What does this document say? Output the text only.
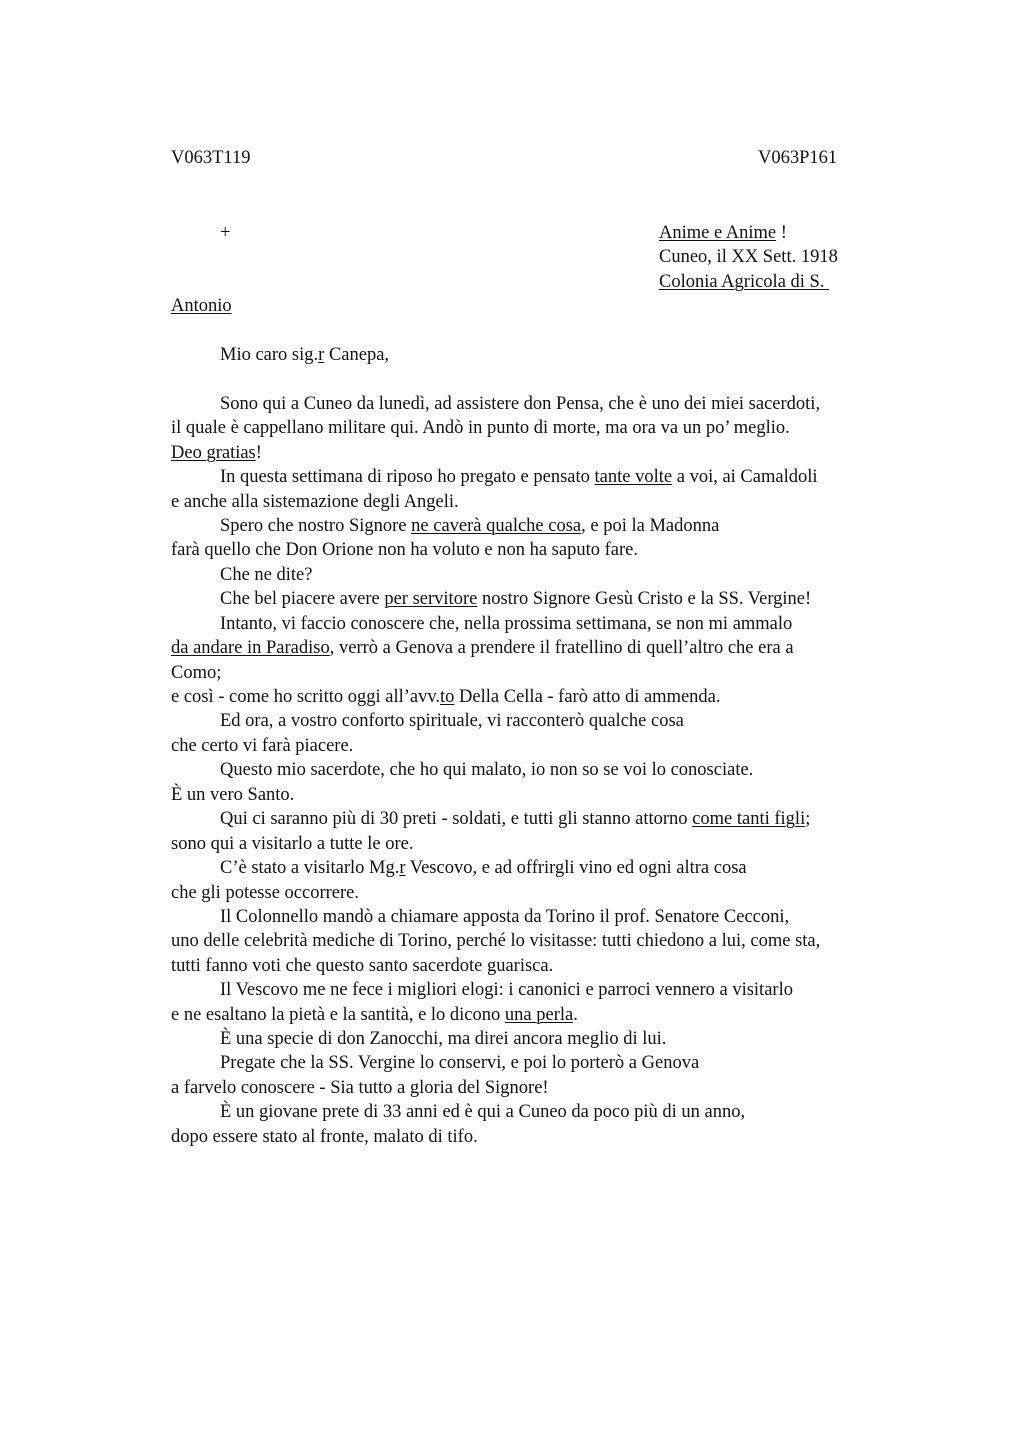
V063T119	V063P161
+	Anime e Anime !
Cuneo, il XX Sett. 1918
Colonia Agricola di S.
Antonio
Mio caro sig.r Canepa,
Sono qui a Cuneo da lunedì, ad assistere don Pensa, che è uno dei miei sacerdoti,
il quale è cappellano militare qui. Andò in punto di morte, ma ora va un po’ meglio.
Deo gratias!
In questa settimana di riposo ho pregato e pensato tante volte a voi, ai Camaldoli
e anche alla sistemazione degli Angeli.
Spero che nostro Signore ne caverà qualche cosa, e poi la Madonna
farà quello che Don Orione non ha voluto e non ha saputo fare.
Che ne dite?
Che bel piacere avere per servitore nostro Signore Gesù Cristo e la SS. Vergine!
Intanto, vi faccio conoscere che, nella prossima settimana, se non mi ammalo
da andare in Paradiso, verrò a Genova a prendere il fratellino di quell’altro che era a
Como;
e così - come ho scritto oggi all’avv.to Della Cella - farò atto di ammenda.
Ed ora, a vostro conforto spirituale, vi racconterò qualche cosa
che certo vi farà piacere.
Questo mio sacerdote, che ho qui malato, io non so se voi lo conosciate.
È un vero Santo.
Qui ci saranno più di 30 preti - soldati, e tutti gli stanno attorno come tanti figli;
sono qui a visitarlo a tutte le ore.
C’è stato a visitarlo Mg.r Vescovo, e ad offrirgli vino ed ogni altra cosa
che gli potesse occorrere.
Il Colonnello mandò a chiamare apposta da Torino il prof. Senatore Cecconi,
uno delle celebrità mediche di Torino, perché lo visitasse: tutti chiedono a lui, come sta,
tutti fanno voti che questo santo sacerdote guarisca.
Il Vescovo me ne fece i migliori elogi: i canonici e parroci vennero a visitarlo
e ne esaltano la pietà e la santità, e lo dicono una perla.
È una specie di don Zanocchi, ma direi ancora meglio di lui.
Pregate che la SS. Vergine lo conservi, e poi lo porterò a Genova
a farvelo conoscere - Sia tutto a gloria del Signore!
È un giovane prete di 33 anni ed è qui a Cuneo da poco più di un anno,
dopo essere stato al fronte, malato di tifo.
